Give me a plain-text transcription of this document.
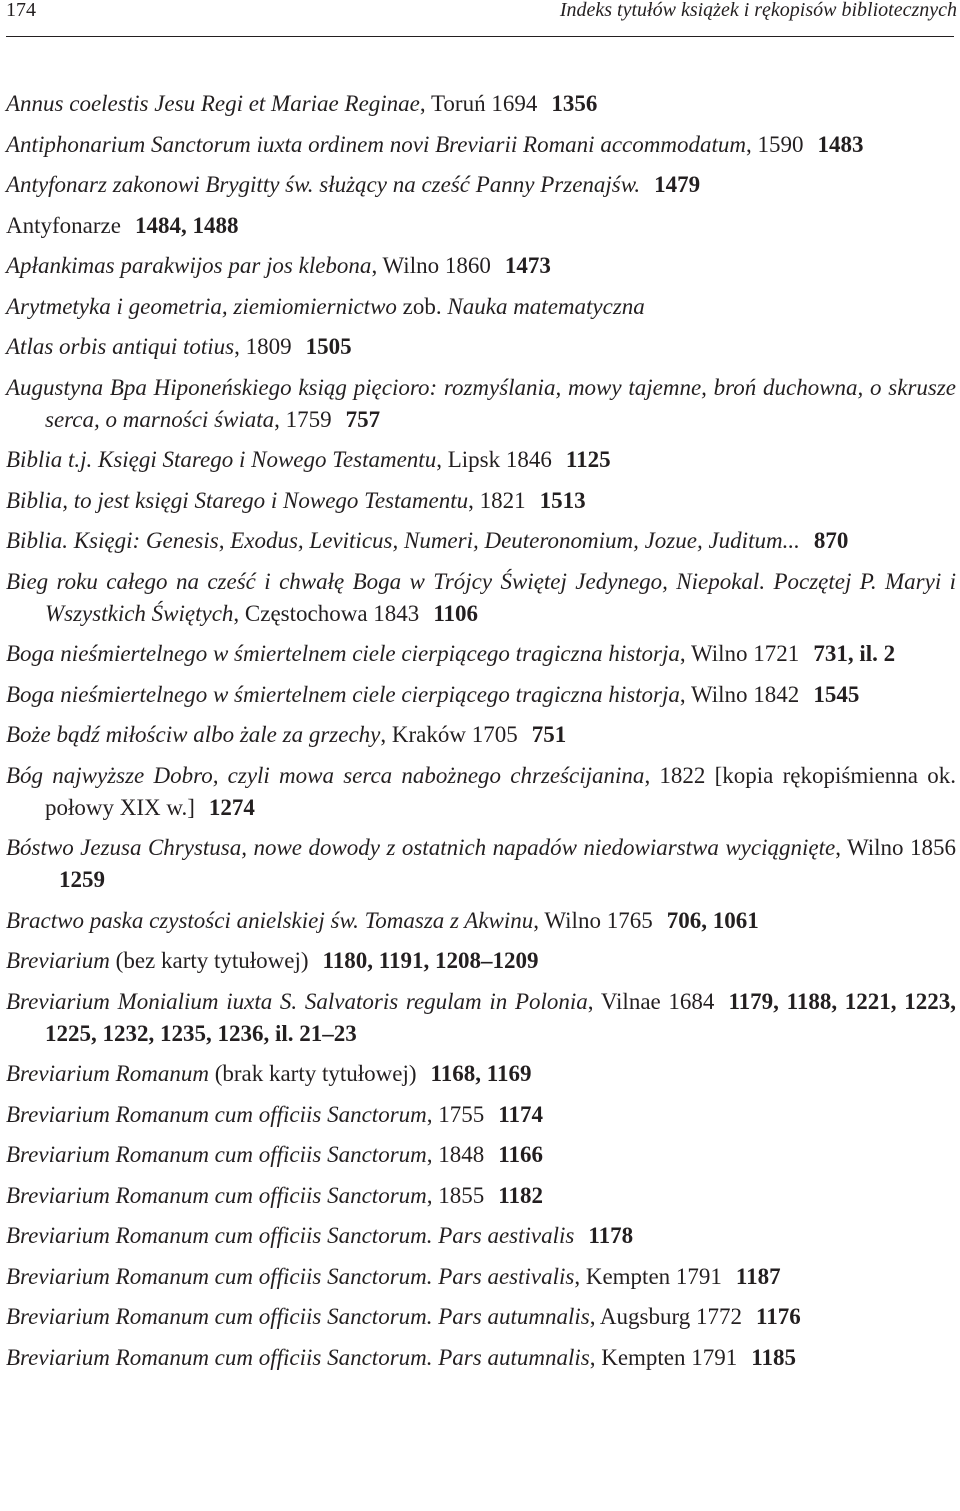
174	Indeks tytułów książek i rękopisów bibliotecznych
Annus coelestis Jesu Regi et Mariae Reginae, Toruń 1694 1356
Antiphonarium Sanctorum iuxta ordinem novi Breviarii Romani accommodatum, 1590 1483
Antyfonarz zakonowi Brygitty św. służący na cześć Panny Przenajśw. 1479
Antyfonarze 1484, 1488
Apłankimas parakwijos par jos klebona, Wilno 1860 1473
Arytmetyka i geometria, ziemiomiernictwo zob. Nauka matematyczna
Atlas orbis antiqui totius, 1809 1505
Augustyna Bpa Hiponeńskiego ksiąg pięcioro: rozmyślania, mowy tajemne, broń duchowna, o skrusze serca, o marności świata, 1759 757
Biblia t.j. Księgi Starego i Nowego Testamentu, Lipsk 1846 1125
Biblia, to jest księgi Starego i Nowego Testamentu, 1821 1513
Biblia. Księgi: Genesis, Exodus, Leviticus, Numeri, Deuteronomium, Jozue, Juditum... 870
Bieg roku całego na cześć i chwałę Boga w Trójcy Świętej Jedynego, Niepokal. Poczętej P. Maryi i Wszystkich Świętych, Częstochowa 1843 1106
Boga nieśmiertelnego w śmiertelnem ciele cierpiącego tragiczna historja, Wilno 1721 731, il. 2
Boga nieśmiertelnego w śmiertelnem ciele cierpiącego tragiczna historja, Wilno 1842 1545
Boże bądź miłościw albo żale za grzechy, Kraków 1705 751
Bóg najwyższe Dobro, czyli mowa serca nabożnego chrześcijanina, 1822 [kopia rękopiśmienna ok. połowy XIX w.] 1274
Bóstwo Jezusa Chrystusa, nowe dowody z ostatnich napadów niedowiarstwa wyciągnięte, Wilno 18561259
Bractwo paska czystości anielskiej św. Tomasza z Akwinu, Wilno 1765 706, 1061
Breviarium (bez karty tytułowej) 1180, 1191, 1208–1209
Breviarium Monialium iuxta S. Salvatoris regulam in Polonia, Vilnae 1684 1179, 1188, 1221, 1223, 1225, 1232, 1235, 1236, il. 21–23
Breviarium Romanum (brak karty tytułowej) 1168, 1169
Breviarium Romanum cum officiis Sanctorum, 1755 1174
Breviarium Romanum cum officiis Sanctorum, 1848 1166
Breviarium Romanum cum officiis Sanctorum, 1855 1182
Breviarium Romanum cum officiis Sanctorum. Pars aestivalis 1178
Breviarium Romanum cum officiis Sanctorum. Pars aestivalis, Kempten 1791 1187
Breviarium Romanum cum officiis Sanctorum. Pars autumnalis, Augsburg 1772 1176
Breviarium Romanum cum officiis Sanctorum. Pars autumnalis, Kempten 1791 1185
